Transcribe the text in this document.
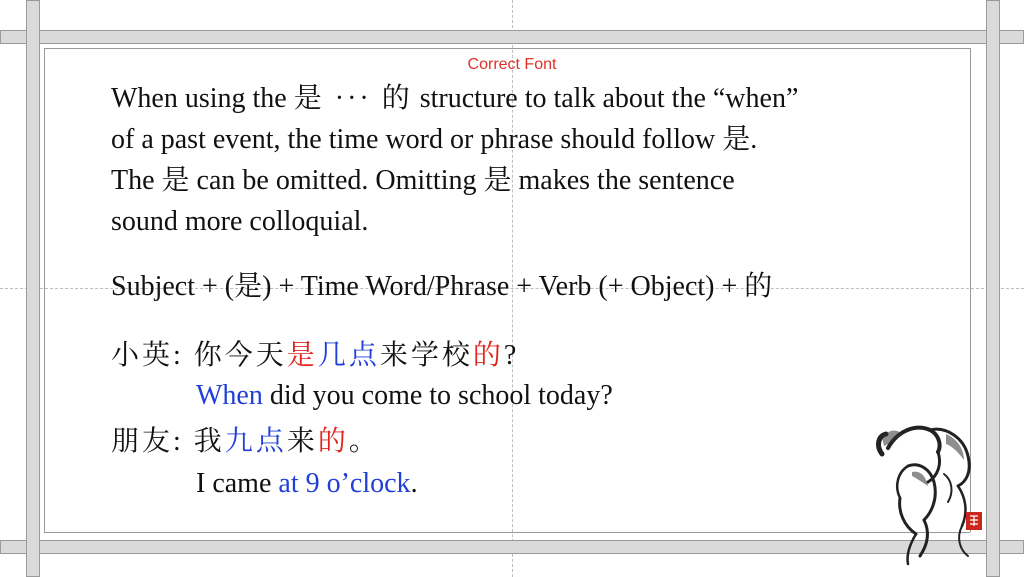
Correct Font
When using the 是 ··· 的 structure to talk about the “when”
of a past event, the time word or phrase should follow 是.
The 是 can be omitted. Omitting 是 makes the sentence
sound more colloquial.
Subject + (是) + Time Word/Phrase + Verb (+ Object) + 的
小英: 你今天是几点来学校的?
When did you come to school today?
朋友: 我九点来的。
I came at 9 o’clock.
